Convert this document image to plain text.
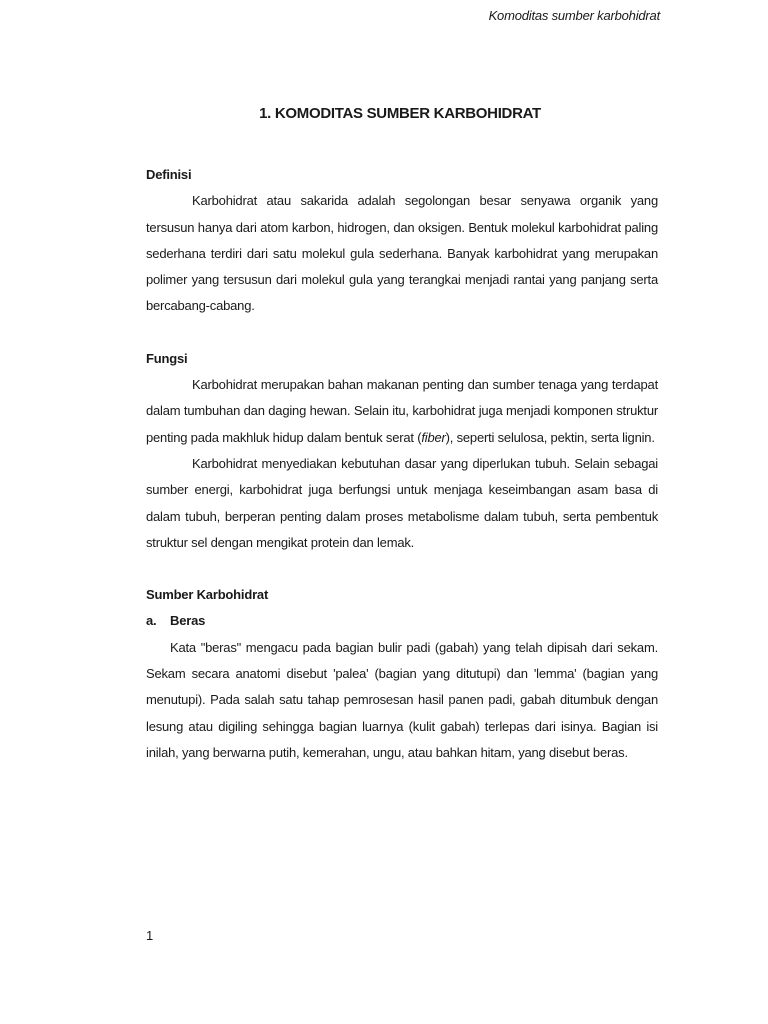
Komoditas sumber karbohidrat
1. KOMODITAS SUMBER KARBOHIDRAT

Definisi

Karbohidrat atau sakarida adalah segolongan besar senyawa organik yang tersusun hanya dari atom karbon, hidrogen, dan oksigen. Bentuk molekul karbohidrat paling sederhana terdiri dari satu molekul gula sederhana. Banyak karbohidrat yang merupakan polimer yang tersusun dari molekul gula yang terangkai menjadi rantai yang panjang serta bercabang-cabang.

Fungsi

Karbohidrat merupakan bahan makanan penting dan sumber tenaga yang terdapat dalam tumbuhan dan daging hewan. Selain itu, karbohidrat juga menjadi komponen struktur penting pada makhluk hidup dalam bentuk serat (fiber), seperti selulosa, pektin, serta lignin.

Karbohidrat menyediakan kebutuhan dasar yang diperlukan tubuh. Selain sebagai sumber energi, karbohidrat juga berfungsi untuk menjaga keseimbangan asam basa di dalam tubuh, berperan penting dalam proses metabolisme dalam tubuh, serta pembentuk struktur sel dengan mengikat protein dan lemak.

Sumber Karbohidrat

a. Beras

Kata "beras" mengacu pada bagian bulir padi (gabah) yang telah dipisah dari sekam. Sekam secara anatomi disebut 'palea' (bagian yang ditutupi) dan 'lemma' (bagian yang menutupi). Pada salah satu tahap pemrosesan hasil panen padi, gabah ditumbuk dengan lesung atau digiling sehingga bagian luarnya (kulit gabah) terlepas dari isinya. Bagian isi inilah, yang berwarna putih, kemerahan, ungu, atau bahkan hitam, yang disebut beras.

1
